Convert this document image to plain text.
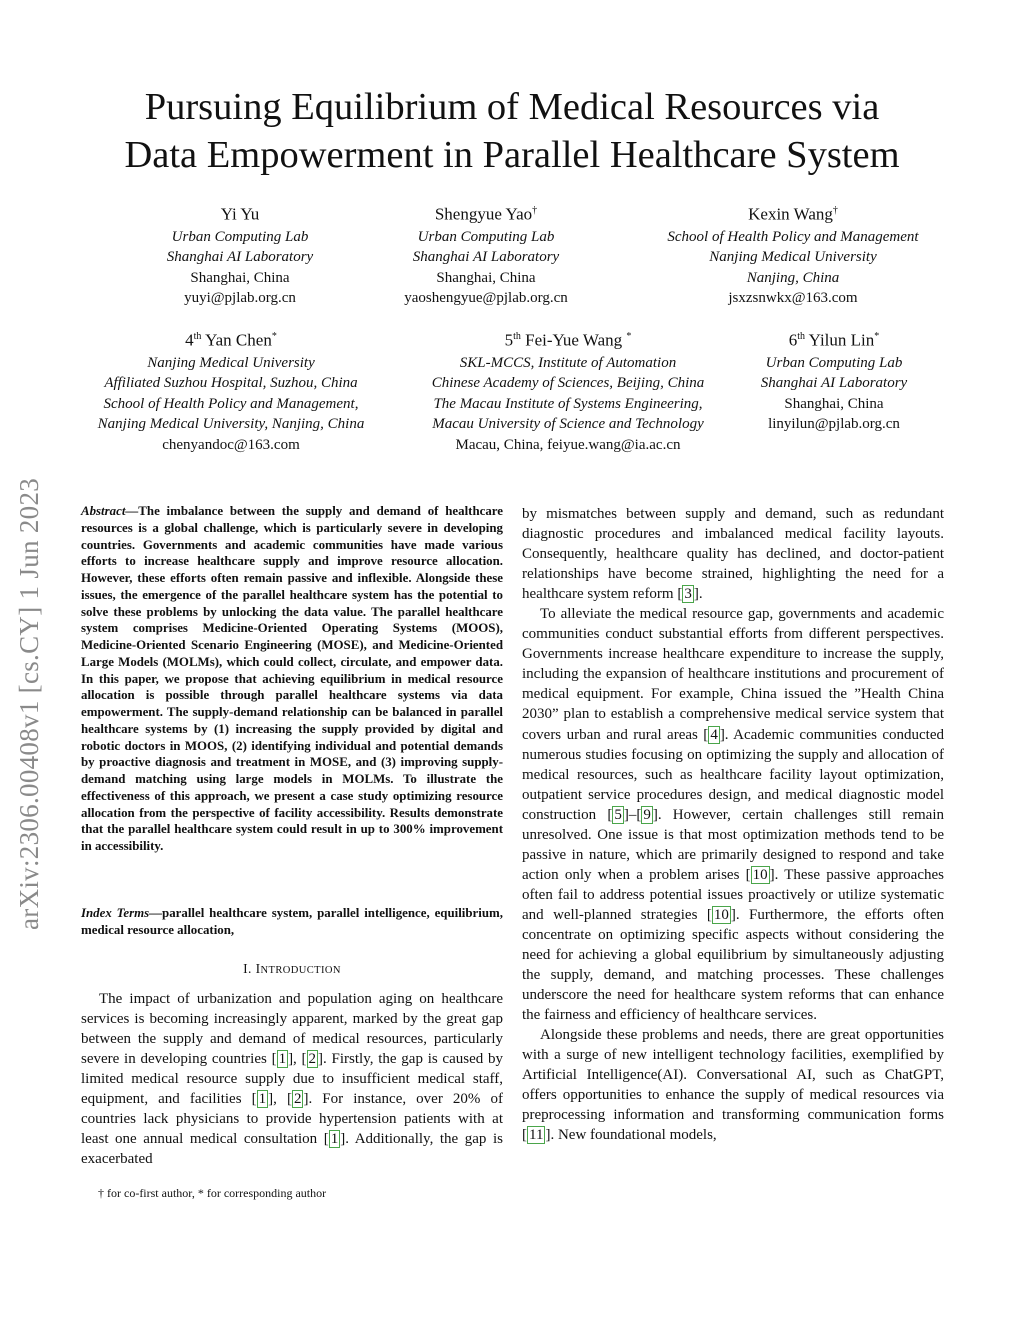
arXiv:2306.00408v1 [cs.CY] 1 Jun 2023
Pursuing Equilibrium of Medical Resources via
Data Empowerment in Parallel Healthcare System
Yi Yu
Urban Computing Lab
Shanghai AI Laboratory
Shanghai, China
yuyi@pjlab.org.cn
Shengyue Yao†
Urban Computing Lab
Shanghai AI Laboratory
Shanghai, China
yaoshengyue@pjlab.org.cn
Kexin Wang†
School of Health Policy and Management
Nanjing Medical University
Nanjing, China
jsxzsnwkx@163.com
4th Yan Chen*
Nanjing Medical University
Affiliated Suzhou Hospital, Suzhou, China
School of Health Policy and Management,
Nanjing Medical University, Nanjing, China
chenyandoc@163.com
5th Fei-Yue Wang *
SKL-MCCS, Institute of Automation
Chinese Academy of Sciences, Beijing, China
The Macau Institute of Systems Engineering,
Macau University of Science and Technology
Macau, China, feiyue.wang@ia.ac.cn
6th Yilun Lin*
Urban Computing Lab
Shanghai AI Laboratory
Shanghai, China
linyilun@pjlab.org.cn

Abstract—The imbalance between the supply and demand of healthcare resources is a global challenge, which is particularly severe in developing countries. Governments and academic communities have made various efforts to increase healthcare supply and improve resource allocation. However, these efforts often remain passive and inflexible. Alongside these issues, the emergence of the parallel healthcare system has the potential to solve these problems by unlocking the data value. The parallel healthcare system comprises Medicine-Oriented Operating Systems (MOOS), Medicine-Oriented Scenario Engineering (MOSE), and Medicine-Oriented Large Models (MOLMs), which could collect, circulate, and empower data. In this paper, we propose that achieving equilibrium in medical resource allocation is possible through parallel healthcare systems via data empowerment. The supply-demand relationship can be balanced in parallel healthcare systems by (1) increasing the supply provided by digital and robotic doctors in MOOS, (2) identifying individual and potential demands by proactive diagnosis and treatment in MOSE, and (3) improving supply-demand matching using large models in MOLMs. To illustrate the effectiveness of this approach, we present a case study optimizing resource allocation from the perspective of facility accessibility. Results demonstrate that the parallel healthcare system could result in up to 300% improvement in accessibility.

Index Terms—parallel healthcare system, parallel intelligence, equilibrium, medical resource allocation,
I. INTRODUCTION

The impact of urbanization and population aging on healthcare services is becoming increasingly apparent, marked by the great gap between the supply and demand of medical resources, particularly severe in developing countries [ 1 ], [ 2 ]. Firstly, the gap is caused by limited medical resource supply due to insufficient medical staff, equipment, and facilities [ 1 ], [ 2 ]. For instance, over 20% of countries lack physicians to provide hypertension patients with at least one annual medical consultation [ 1 ]. Additionally, the gap is exacerbated

† for co-first author, * for corresponding author

by mismatches between supply and demand, such as redundant diagnostic procedures and imbalanced medical facility layouts. Consequently, healthcare quality has declined, and doctor-patient relationships have become strained, highlighting the need for a healthcare system reform [ 3 ].

To alleviate the medical resource gap, governments and academic communities conduct substantial efforts from different perspectives. Governments increase healthcare expenditure to increase the supply, including the expansion of healthcare institutions and procurement of medical equipment. For example, China issued the ”Health China 2030” plan to establish a comprehensive medical service system that covers urban and rural areas [ 4 ]. Academic communities conducted numerous studies focusing on optimizing the supply and allocation of medical resources, such as healthcare facility layout optimization, outpatient service procedures design, and medical diagnostic model construction [ 5 ]–[ 9 ]. However, certain challenges still remain unresolved. One issue is that most optimization methods tend to be passive in nature, which are primarily designed to respond and take action only when a problem arises [ 10 ]. These passive approaches often fail to address potential issues proactively or utilize systematic and well-planned strategies [ 10 ]. Furthermore, the efforts often concentrate on optimizing specific aspects without considering the need for achieving a global equilibrium by simultaneously adjusting the supply, demand, and matching processes. These challenges underscore the need for healthcare system reforms that can enhance the fairness and efficiency of healthcare services.

Alongside these problems and needs, there are great opportunities with a surge of new intelligent technology facilities, exemplified by Artificial Intelligence(AI). Conversational AI, such as ChatGPT, offers opportunities to enhance the supply of medical resources via preprocessing information and transforming communication forms [ 11 ]. New foundational models,
